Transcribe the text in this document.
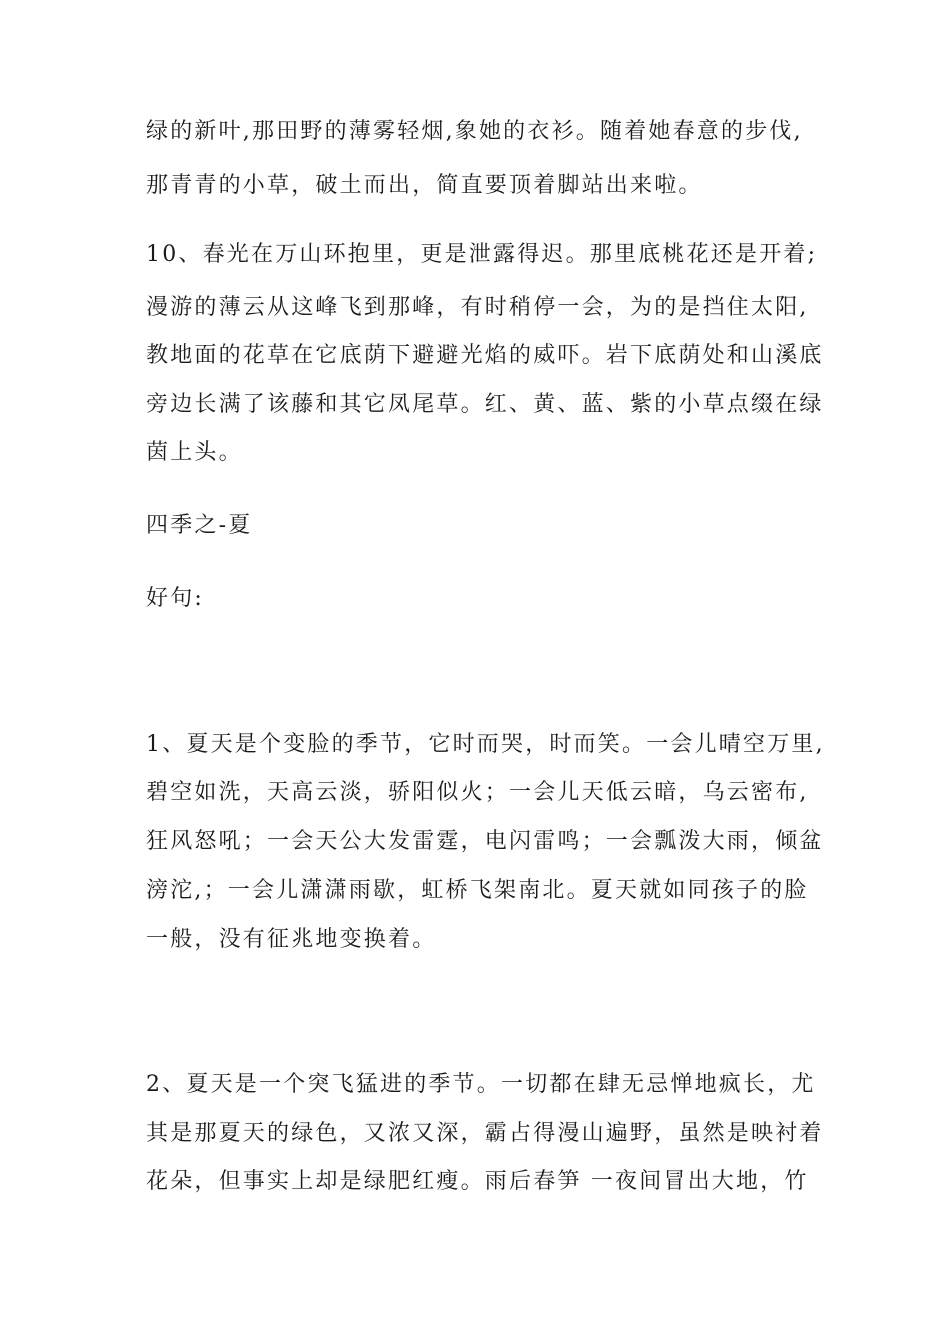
绿的新叶,那田野的薄雾轻烟,象她的衣衫。随着她春意的步伐,
那青青的小草，破土而出，简直要顶着脚站出来啦。
10、春光在万山环抱里，更是泄露得迟。那里底桃花还是开着;
漫游的薄云从这峰飞到那峰，有时稍停一会，为的是挡住太阳,
教地面的花草在它底荫下避避光焰的威吓。岩下底荫处和山溪底
旁边长满了该藤和其它凤尾草。红、黄、蓝、紫的小草点缀在绿
茵上头。
四季之-夏
好句:
1、夏天是个变脸的季节，它时而哭，时而笑。一会儿晴空万里,
碧空如洗，天高云淡，骄阳似火；一会儿天低云暗，乌云密布,
狂风怒吼；一会天公大发雷霆，电闪雷鸣；一会瓢泼大雨，倾盆
滂沱,；一会儿潇潇雨歇，虹桥飞架南北。夏天就如同孩子的脸
一般，没有征兆地变换着。
2、夏天是一个突飞猛进的季节。一切都在肆无忌惮地疯长，尤
其是那夏天的绿色，又浓又深，霸占得漫山遍野，虽然是映衬着
花朵，但事实上却是绿肥红瘦。雨后春笋 一夜间冒出大地，竹
